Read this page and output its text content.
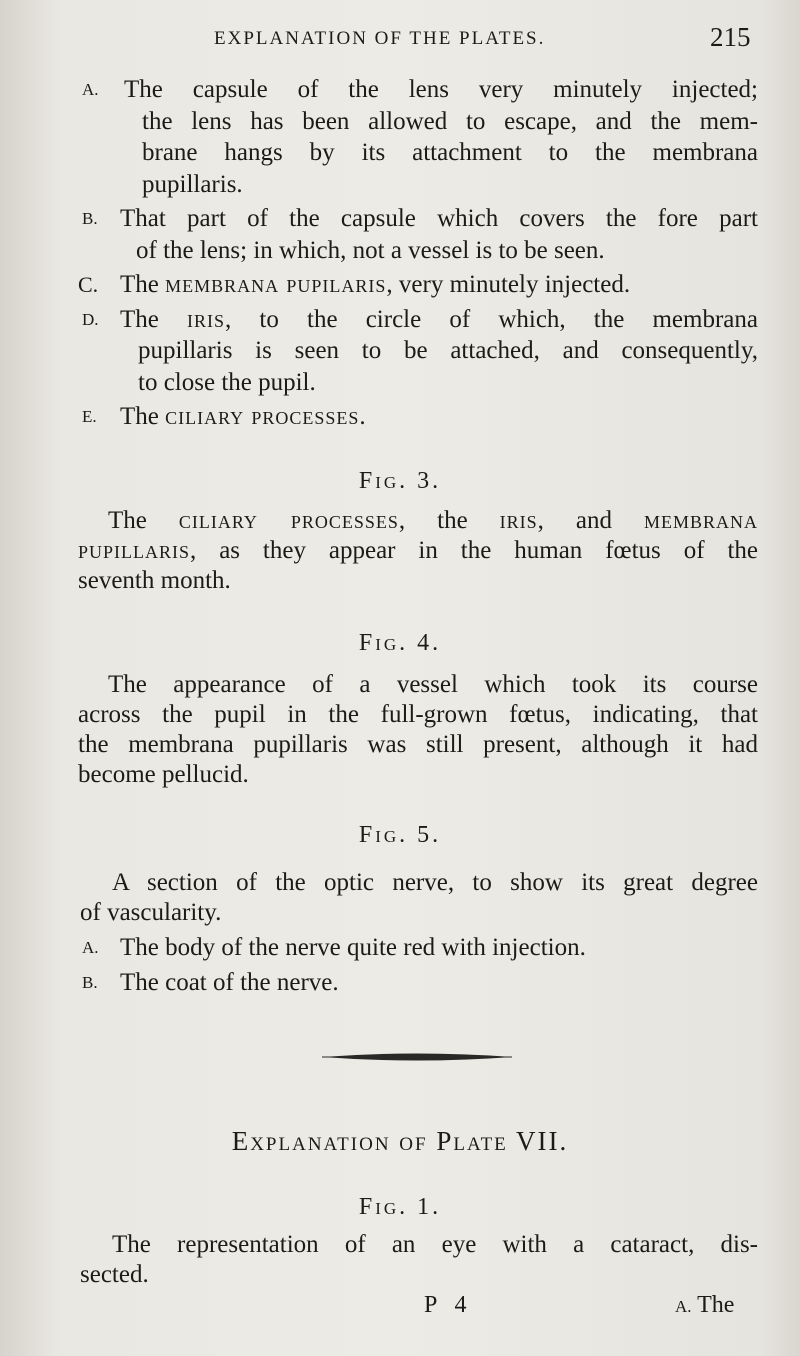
EXPLANATION OF THE PLATES.	215
A. The capsule of the lens very minutely injected;
the lens has been allowed to escape, and the mem-
brane hangs by its attachment to the membrana
pupillaris.
B. That part of the capsule which covers the fore part
of the lens; in which, not a vessel is to be seen.
C. The membrana pupilaris, very minutely injected.
D. The iris, to the circle of which, the membrana
pupillaris is seen to be attached, and consequently,
to close the pupil.
E. The ciliary processes.
Fig. 3.
The ciliary processes, the iris, and membrana
pupillaris, as they appear in the human fœtus of the
seventh month.
Fig. 4.
The appearance of a vessel which took its course
across the pupil in the full-grown fœtus, indicating, that
the membrana pupillaris was still present, although it had
become pellucid.
Fig. 5.
A section of the optic nerve, to show its great degree
of vascularity.
A. The body of the nerve quite red with injection.
B. The coat of the nerve.
Explanation of Plate VII.
Fig. 1.
The representation of an eye with a cataract, dis-
sected.
P 4	A. The
